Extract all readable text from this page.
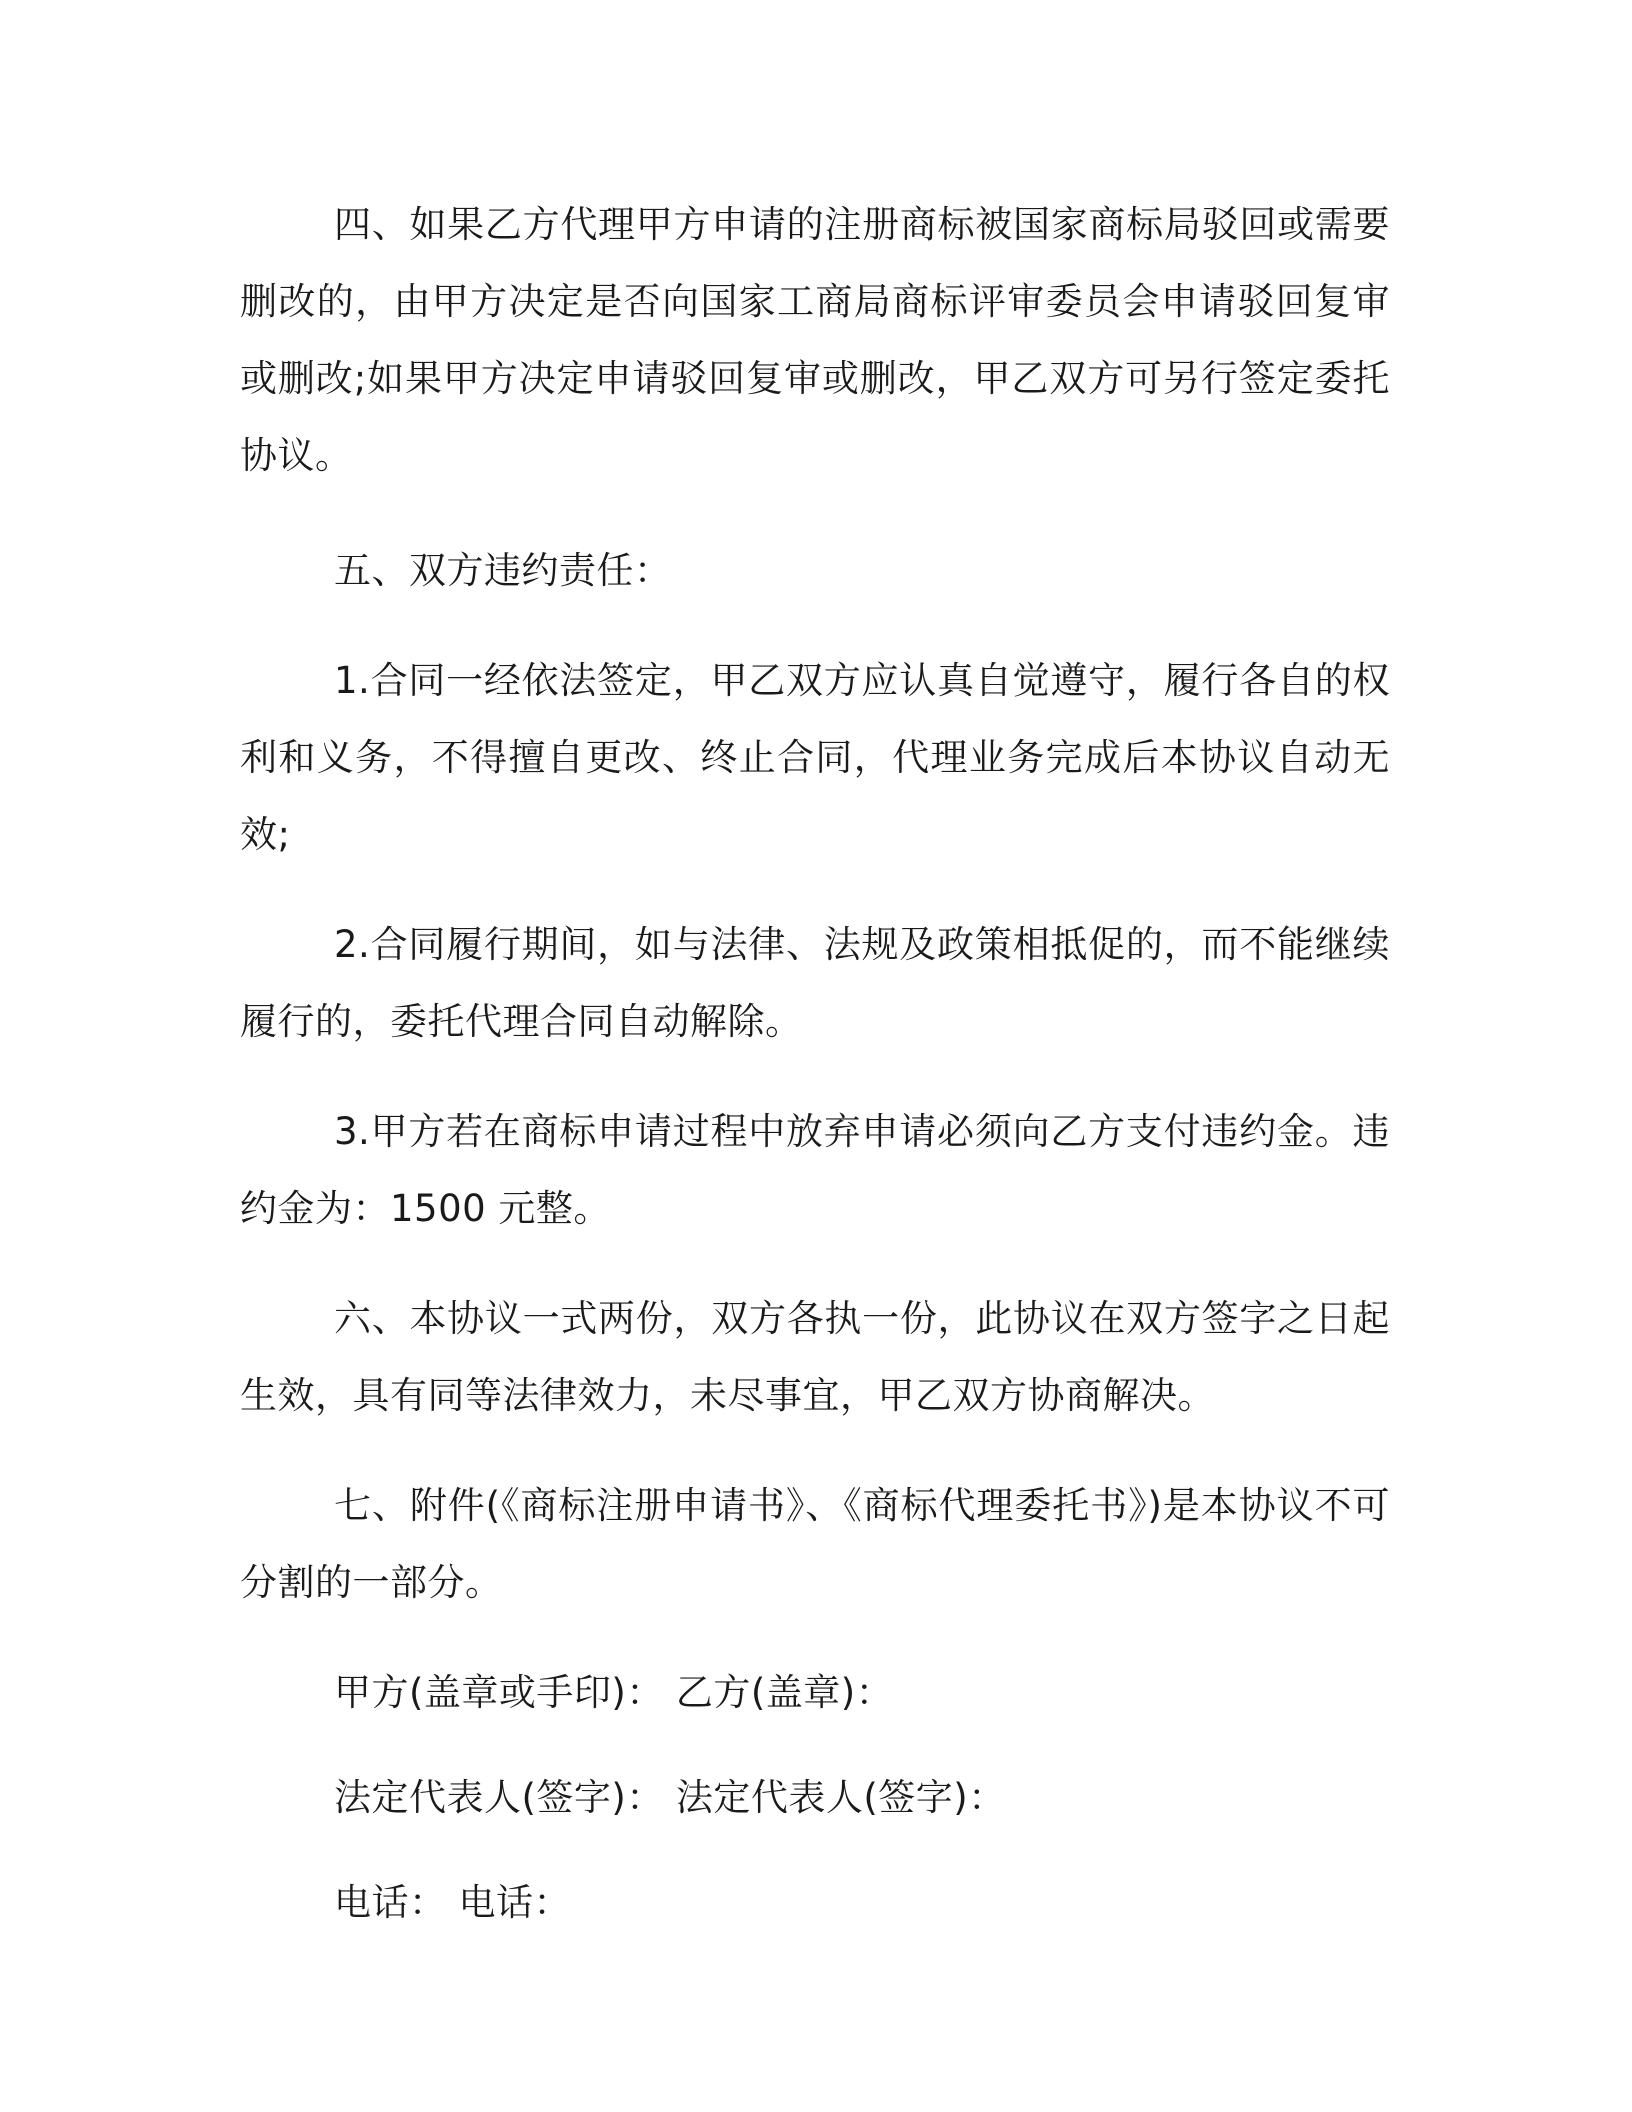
四、如果乙方代理甲方申请的注册商标被国家商标局驳回或需要删改的，由甲方决定是否向国家工商局商标评审委员会申请驳回复审或删改;如果甲方决定申请驳回复审或删改，甲乙双方可另行签定委托协议。

五、双方违约责任：

1.合同一经依法签定，甲乙双方应认真自觉遵守，履行各自的权利和义务，不得擅自更改、终止合同，代理业务完成后本协议自动无效;

2.合同履行期间，如与法律、法规及政策相抵促的，而不能继续履行的，委托代理合同自动解除。

3.甲方若在商标申请过程中放弃申请必须向乙方支付违约金。违约金为：1500 元整。

六、本协议一式两份，双方各执一份，此协议在双方签字之日起生效，具有同等法律效力，未尽事宜，甲乙双方协商解决。

七、附件(《商标注册申请书》、《商标代理委托书》)是本协议不可分割的一部分。

甲方(盖章或手印)： 乙方(盖章)：
法定代表人(签字)： 法定代表人(签字)：
电话： 电话：
